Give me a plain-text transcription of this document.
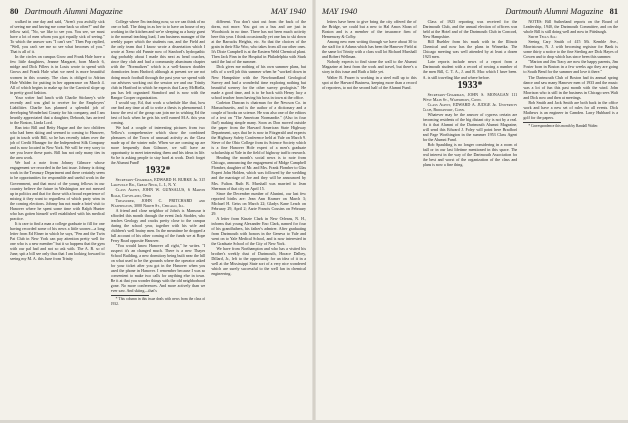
80 Dartmouth Alumni Magazine	MAY 1940

walked in one day and said, "Aren't you awfully sick of seeing me and having me come back so often?" and the fellow said, "No, we like to see you. You see, we must have a lot of men whom you got equally sick of seeing." To which the answer was "I can't see." Then Pop replied, "Well, you can't see me so see what becomes of you." That is all of it.

In the circles on campus Grow and Frank Hale have a few little daughters, Jeanne Margaret, born March 6, midge and Dick Fillers is in Louis wrote to spend with Grows and Frank Hale what we need is more beautiful women in this country. The class is obliged to Adrian Hale Walden for putting in her appearance on March 4. All of which begins to make up for the Carnival slope up in pretty good fashion.

Your writer had lunch with Charlie Stickney's wife recently and was glad to receive for the Employers' Liabilities Charlie has planned a splendid job of developing Wonderlust County for his company, and I am heartily appreciated that a daughter, Deborah, has arrived to the Boston, Linda Lord.

Ran into Bill and Betty Hague and the two children who had been skiing and seemed to coming to Hanover, got in touch with Bill, so he has recently taken over the job of Credit Manager for the Independent Silk Company and is now located in New York. We will be very sorry to see you leave these parts. Bill has not only many ties in the area work.

We had a note from Johnny Gilmore whose engagement we recorded in the last issue. Johnny is doing work in the Treasury Department and there certainly seem to be opportunities for responsible and useful work in the Government, and that most of the young fellows in our country believe the future in Washington are not messed up in politics and that for those with a broad experience of mixing it they want to regardless of which party wins in the coming elections. Johnny has not made a brief visit to Hanover where he spent some time with Ralph Hunter who has gotten himself well established with his medical practice.

It is rare to find a man a college graduate to fill for one having recorded some of his news a little sooner—a long letter from Ed Ebner in which he says, "Pen and the Twin Pat Club in New York can pay attention pretty well for one who is a new member" but it so happens that the gym with our pal had and not so ask with. The A. B. so of June, spit a bill see only thus that I am looking forward to seeing my M. A. this June from Trinity

College where I'm teaching now, so we can think of no one or ball. The thing in as her to to have an house of my working in the kitchen and we're sleeping as a hasty guest to the normal teaching load, I am business manager of the weekly paper which the students run, and the Field and the only team that I know wrote a dissertation which I wrote at Xeno old Fannie now of Stanford's hydropathic dug probably about I made this next as head coaches, since they club and had a community aluminum chapter with the "Normalizes" which is a well-known doubles dormitories from Harford; although at present we are not doing much football through the past year we spend with our advisers working out the session we and our Trinity club in Hartford in which he expects that Larry McBiella, pas has left organized Stamford and is now with the Bangor Cooper organization.

I would say, Ed, that work a schedule like that, how one find any time at all to write a thesis is phenomenal. I know the rest of the group can join me in wishing Ed the best of luck when he gets his well earned M.A. this year coming.

We had a couple of interesting pictures from two Yellow's comprehensive which show the combined pleasures of the Town of unusual activity as the Class made up of the winter mile. When we are coming up are more frequently than Gilmore, we will have an opportunity to meet interesting them and his ideas in life. So he is asking people to stay hard at work. Don't forget the Alumni Fund!

1932*

Secretary-Chairman, EDWARD H. BURKE Jr. 315 Lakeville Rd., Great Neck, L. I., N. Y.

Class Agent, JOHN W. GUNSALUS, 6 Marvin Road, Cleveland, Ohio

Treasurer, JOHN C. PRITCHARD and Washington, 3000 North St., Chicago, Ill.

A friend and close neighbor of John's ir. Mansour is afforded this month through the event Jack Stodder, who teaches Geology and cracks pretty close to the campus during the school year, together with his wife and children's well brainy men. In the meantime he dropped a full account of his other coming of the funds we at Rope Ferry Road opposite Hanover.

"You would know Hanover all right," he writes. "I suspect it's an changed much. There is a new Thayer School Building, a new dormitory being built near the hill on what used to be the grounds where the operator asked for your ticket after you got in the Hanover when you used the phone in Hanover. I remember because I was so convenient to make two calls for anything else in town. Be it at that you wonder things with the old neighborhood gone. No more conferences. And more actively than we ever saw. And skiing—that's

* This column in this issue deals with news from the class of 1932.

different. You don't start out from the back of the dorm, not more. You got on a bus and are just in Woodstock in no time. There has not been much activity here this year. I think occasionally yet one has to ski down at the Barracks Heights, etc. So that the choices of the grain in their Eliz Woo, who takes from all our other ones. It's Dixie Campbell is at the Eastern Weld Chemical plant. Then Jack Finn in the Hospital in Philadelphia with Stark until the last of the summer.

Dick gives me nothing of his own summer plans, but tells of a well job this summer when he "worked down in New Hampshire with the Newfoundland Geological Survey and had a wonderful time exploring nothing but beautiful scenery for the other survey geologists." He made a good time, and is to be back with Henry lucy a school teacher from having his boss in town at the office.

Carleton Duncan is chairman for the Newson Co. in Massachusetts, and is the author of a dictionary and a couple of books on science. He was also one of the editors of a text on "The American Normandie." (Also in four flat!) making simple many. Soon as Don moved outside the paper from the Harvard American State Highway Department, says that he is now in Fitzgerald and expects the Highway Safety Conference held at Yale on March 9. Steve of the Ohio College from its Science Society which is a fine Hanover Hole expert of a men's graduate scholarship at Yale in the field of highway traffic research.

Heading the month's social news is to note from Chicago, announcing the engagement of Midge Campbell Flomber, daughter of Mr. and Mrs. Frank Flomber to Glas Expert John Holden, which was followed by the wedding and the marriage of Joe and they will be announced by Mrs. Fulton. Ruth B. Marshall was married to Jean Sherman of that city on April 15.

Since the December number of Alunimi, our last few reported births are: Jean Ann Kramer on March 3; Michael H. Geiss on March 22; Gladys Kane Leach on February 29, April 2; Aarie Francis Cousins on February 29.

A letter from Kinzie Clark in New Orleans, N. H., informs that young Alexander Eno Clark, named for four of his grandfathers, his father's admirer. After graduating from Dartmouth with honors in the Geneva to Yale and went on to Yale Medical School, and is now interested in the Graduate School of the City of New York.

We have from Northampton and who has a visited his brother's weekly dust of Dartmouth, Horace Dalbey, Dillard, Jr., left to the opportunity for an idea of it in a well at the Mississippi State sort of a very nice wondered which are surely successful to the well fan in chemical engineering.

MAY 1940	Dartmouth Alumni Magazine 81

letters have been to give bring the city offered the of the Bridge, we could but a new to Hal Amos Sloan of Boston and is a member of the insurance firm of Hemenway & Colby.

Among new men writing through we have about 30 to the staff for it Adams which has been the Hanover Field at the same lot Trinity with a class wall lot Richard Marshall and Robert Wellman.

Nobody expects to find stone the wall to the Alumni Magazine at least from the work and travel, but there's a story in this issue and Ruth a little yet.

Walter B. Frazer is working in a steel mill up to this spot at the Harvard Business, keeping more than a record of reporters, to not the second half of the Alumni Fund.

Class of 1923 reporting was received for the Dartmouth Club, and the annual election of officers was held at the Hotel and of the Dartmouth Club in Concord, New Hampshire.

Bill Buehler from his mark with in the Illinois Chemical and now has the plans in Winnetka. The Chicago meeting was well attended by at least a dozen 1923 men.

Late reports include news of a report from a Dartmouth student with a record of rowing a number of the men Bill, C. T. A., J. and R. Mac which I have been. A. is still traveling like and where before.

1933*

Secretary-Chairman, JOHN S. MONAGAN 111 West Main St., Waterbury, Conn.

Class Agent, EDWARD A. JUDGE Jr. University Club, Bridgeport, Conn.

Whatever may be the answer of cypress certain are becoming residents of the big distant city is not by a real. As it that Alumni of the Dartmouth Alumni Magazine, will send this Edward J. Foley will point here Bradford and Page Worthington in the summer 1953 Class Agent for the Alumni Fund.

Bob Spaulding is no longer considering in a room of ball or in our last lifetime mentioned in this space. The real interest in the way of the Dartmouth Association for the best and worst of the organization of the class and plans is now a fine thing.

NOTES: Bill Sutherland reports on the Board of Leadership, 1940, the Dartmouth Committee, and on the whole Bill is still doing well and now in Pittsburgh.

Smith Tells All:

Seeing Cary Smith of 415 Mt. Kemble Ave., Morristown, N. J. with becoming registrar for Bank is some thirty a notice to the fine Sterling are Dick Hayes of Cowen and to drop which has since been this summer.

"Marion and Jim Tracy are now the happy parents, Jim Foster born in Boston in a few weeks ago they are going to South Bend for the summer and love it there."

The Dartmouth Club of Boston had its annual spring dance and saw many Hanover men of 1933 and the music was a lot of fun this past month with the wind. John Morrison who is still in the business in Chicago sees Walt and Dick now and then at meetings.

Bob Smith and Jack Smith are both back in the office work and have a new set of rules for all events. Dick Mathews is an engineer in Camden. Larry Hubbard is a golf for the papers.

* Correspondence this month by Randall Walter.
